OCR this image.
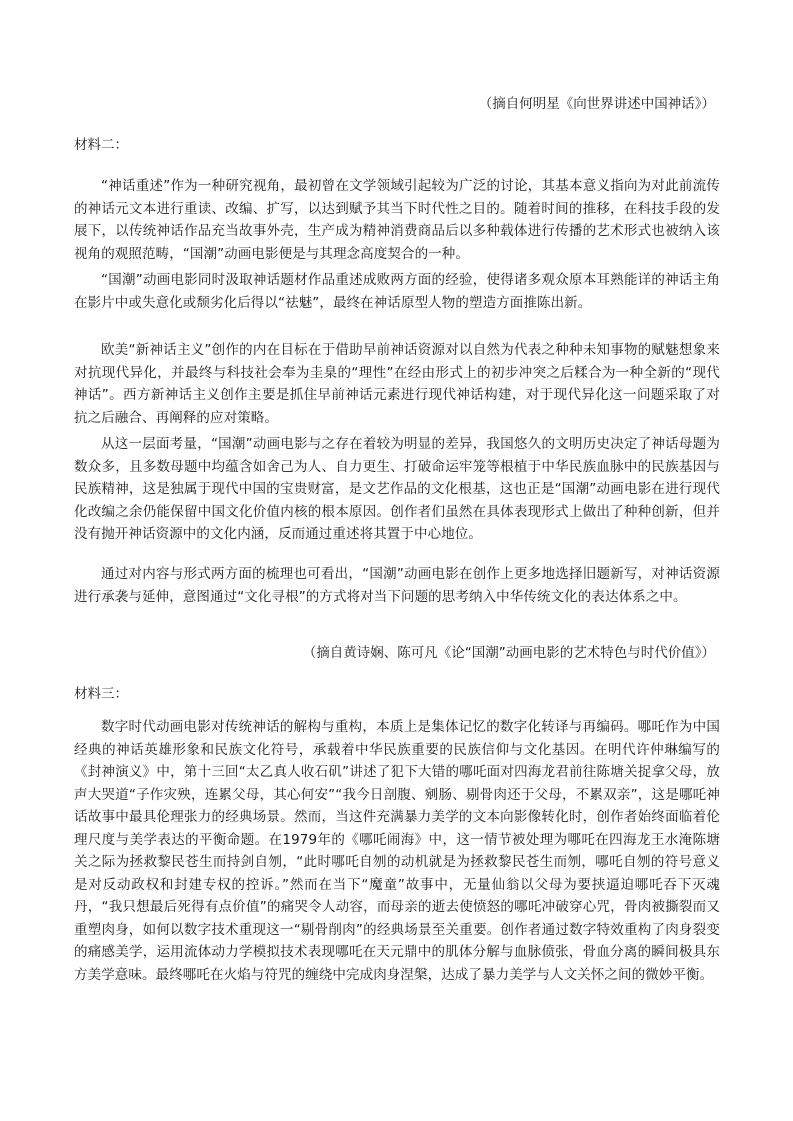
（摘自何明星《向世界讲述中国神话》）
材料二：
“神话重述”作为一种研究视角，最初曾在文学领域引起较为广泛的讨论，其基本意义指向为对此前流传的神话元文本进行重读、改编、扩写，以达到赋予其当下时代性之目的。随着时间的推移，在科技手段的发展下，以传统神话作品充当故事外壳，生产成为精神消费商品后以多种载体进行传播的艺术形式也被纳入该视角的观照范畴，“国潮”动画电影便是与其理念高度契合的一种。
“国潮”动画电影同时汲取神话题材作品重述成败两方面的经验，使得诸多观众原本耳熟能详的神话主角在影片中或失意化或颓劣化后得以“祛魅”，最终在神话原型人物的塑造方面推陈出新。
欧美“新神话主义”创作的内在目标在于借助早前神话资源对以自然为代表之种种未知事物的赋魅想象来对抗现代异化，并最终与科技社会奉为圭臬的“理性”在经由形式上的初步冲突之后糅合为一种全新的“现代神话”。西方新神话主义创作主要是抓住早前神话元素进行现代神话构建，对于现代异化这一问题采取了对抗之后融合、再阐释的应对策略。
从这一层面考量，“国潮”动画电影与之存在着较为明显的差异，我国悠久的文明历史决定了神话母题为数众多，且多数母题中均蕴含如舍己为人、自力更生、打破命运牢笼等根植于中华民族血脉中的民族基因与民族精神，这是独属于现代中国的宝贵财富，是文艺作品的文化根基，这也正是“国潮”动画电影在进行现代化改编之余仍能保留中国文化价值内核的根本原因。创作者们虽然在具体表现形式上做出了种种创新，但并没有抛开神话资源中的文化内涵，反而通过重述将其置于中心地位。
通过对内容与形式两方面的梳理也可看出，“国潮”动画电影在创作上更多地选择旧题新写，对神话资源进行承袭与延伸，意图通过“文化寻根”的方式将对当下问题的思考纳入中华传统文化的表达体系之中。
（摘自黄诗娴、陈可凡《论“国潮”动画电影的艺术特色与时代价值》）
材料三：
数字时代动画电影对传统神话的解构与重构，本质上是集体记忆的数字化转译与再编码。哪吒作为中国经典的神话英雄形象和民族文化符号，承载着中华民族重要的民族信仰与文化基因。在明代许仲琳编写的《封神演义》中，第十三回“太乙真人收石矶”讲述了犯下大错的哪吒面对四海龙君前往陈塘关捉拿父母，放声大哭道“子作灾殃，连累父母，其心何安”“我今日剖腹、剜肠、剔骨肉还于父母，不累双亲”，这是哪吒神话故事中最具伦理张力的经典场景。然而，当这件充满暴力美学的文本向影像转化时，创作者始终面临着伦理尺度与美学表达的平衡命题。在1979年的《哪吒闹海》中，这一情节被处理为哪吒在四海龙王水淹陈塘关之际为拯救黎民苍生而持剑自刎，“此时哪吒自刎的动机就是为拯救黎民苍生而刎，哪吒自刎的符号意义是对反动政权和封建专权的控诉。”然而在当下“魔童”故事中，无量仙翁以父母为要挟逼迫哪吒吞下灭魂丹，“我只想最后死得有点价值”的痛哭令人动容，而母亲的逝去使愤怒的哪吒冲破穿心咒，骨肉被撕裂而又重塑肉身，如何以数字技术重现这一“剔骨削肉”的经典场景至关重要。创作者通过数字特效重构了肉身裂变的痛感美学，运用流体动力学模拟技术表现哪吒在天元鼎中的肌体分解与血脉偾张，骨血分离的瞬间极具东方美学意味。最终哪吒在火焰与符咒的缠绕中完成肉身涅槃，达成了暴力美学与人文关怀之间的微妙平衡。
